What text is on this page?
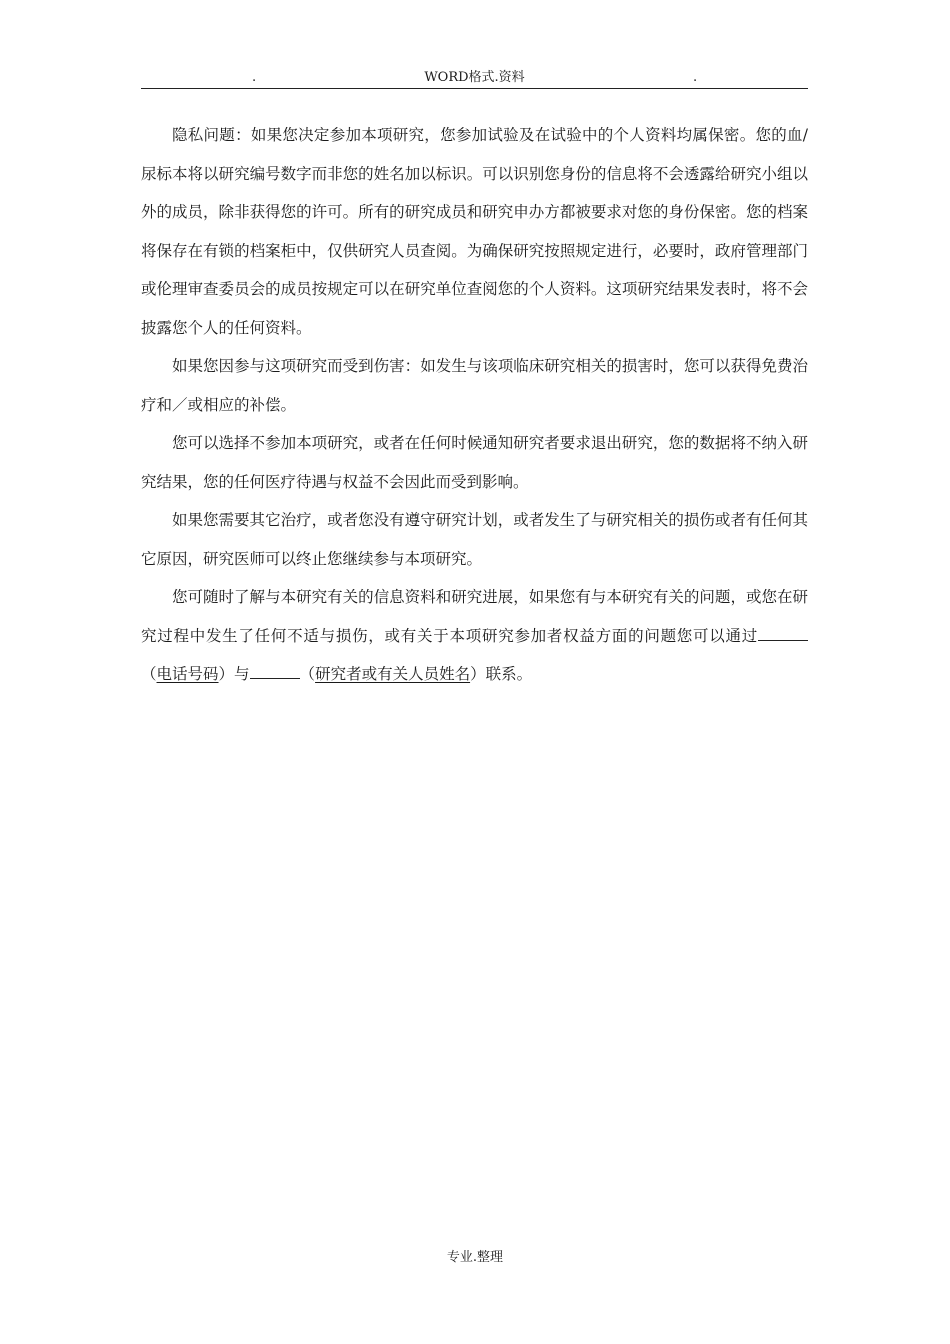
.	WORD格式.资料	.

隐私问题：如果您决定参加本项研究，您参加试验及在试验中的个人资料均属保密。您的血/尿标本将以研究编号数字而非您的姓名加以标识。可以识别您身份的信息将不会透露给研究小组以外的成员，除非获得您的许可。所有的研究成员和研究申办方都被要求对您的身份保密。您的档案将保存在有锁的档案柜中，仅供研究人员查阅。为确保研究按照规定进行，必要时，政府管理部门或伦理审查委员会的成员按规定可以在研究单位查阅您的个人资料。这项研究结果发表时，将不会披露您个人的任何资料。

如果您因参与这项研究而受到伤害：如发生与该项临床研究相关的损害时，您可以获得免费治疗和／或相应的补偿。

您可以选择不参加本项研究，或者在任何时候通知研究者要求退出研究，您的数据将不纳入研究结果，您的任何医疗待遇与权益不会因此而受到影响。

如果您需要其它治疗，或者您没有遵守研究计划，或者发生了与研究相关的损伤或者有任何其它原因，研究医师可以终止您继续参与本项研究。

您可随时了解与本研究有关的信息资料和研究进展，如果您有与本研究有关的问题，或您在研究过程中发生了任何不适与损伤，或有关于本项研究参加者权益方面的问题您可以通过（电话号码）与	（研究者或有关人员姓名）联系。

专业.整理
